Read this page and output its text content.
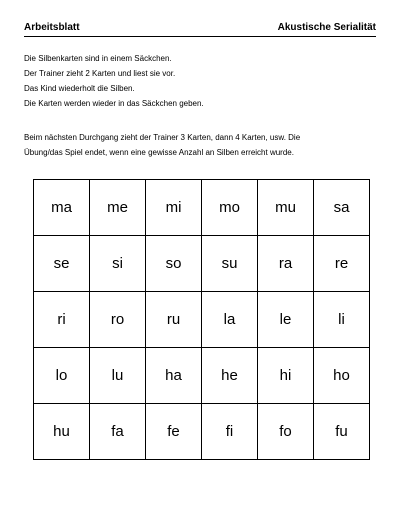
Arbeitsblatt	Akustische Serialität
Die Silbenkarten sind in einem Säckchen.
Der Trainer zieht 2 Karten und liest sie vor.
Das Kind wiederholt die Silben.
Die Karten werden wieder in das Säckchen geben.
Beim nächsten Durchgang zieht der Trainer 3 Karten, dann 4 Karten, usw. Die
Übung/das Spiel endet, wenn eine gewisse Anzahl an Silben erreicht wurde.
ma	me	mi	mo	mu	sa
se	si	so	su	ra	re
ri	ro	ru	la	le	li
lo	lu	ha	he	hi	ho
hu	fa	fe	fi	fo	fu
